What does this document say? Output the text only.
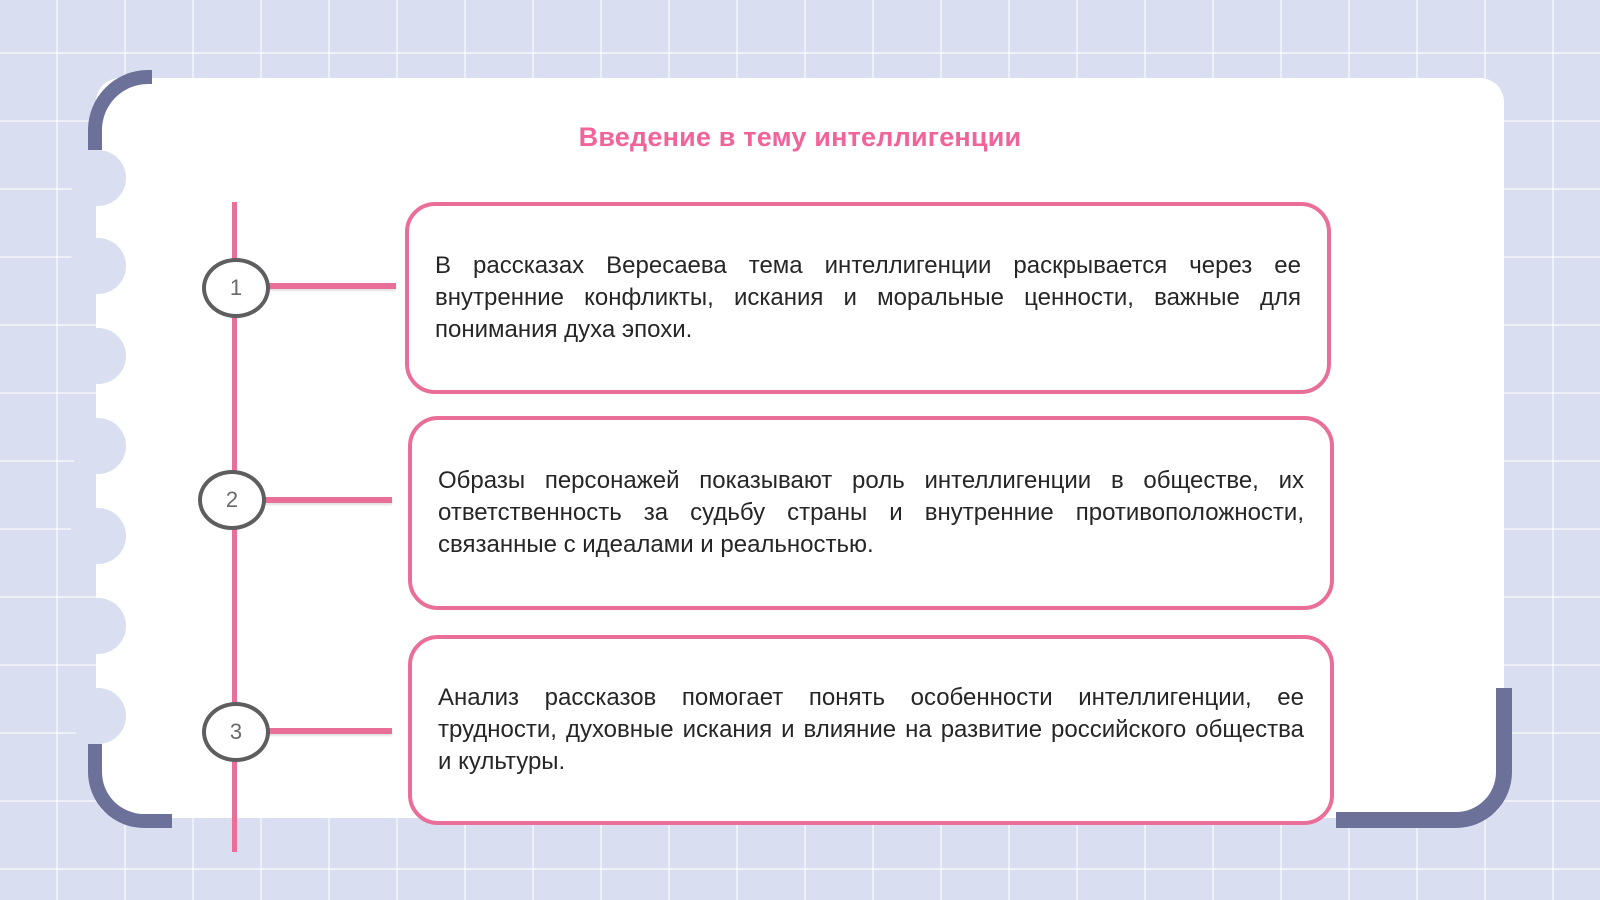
Введение в тему интеллигенции
1
2
3

В рассказах Вересаева тема интеллигенции раскрывается через ее внутренние конфликты, искания и моральные ценности, важные для понимания духа эпохи.

Образы персонажей показывают роль интеллигенции в обществе, их ответственность за судьбу страны и внутренние противоположности, связанные с идеалами и реальностью.

Анализ рассказов помогает понять особенности интеллигенции, ее трудности, духовные искания и влияние на развитие российского общества и культуры.
